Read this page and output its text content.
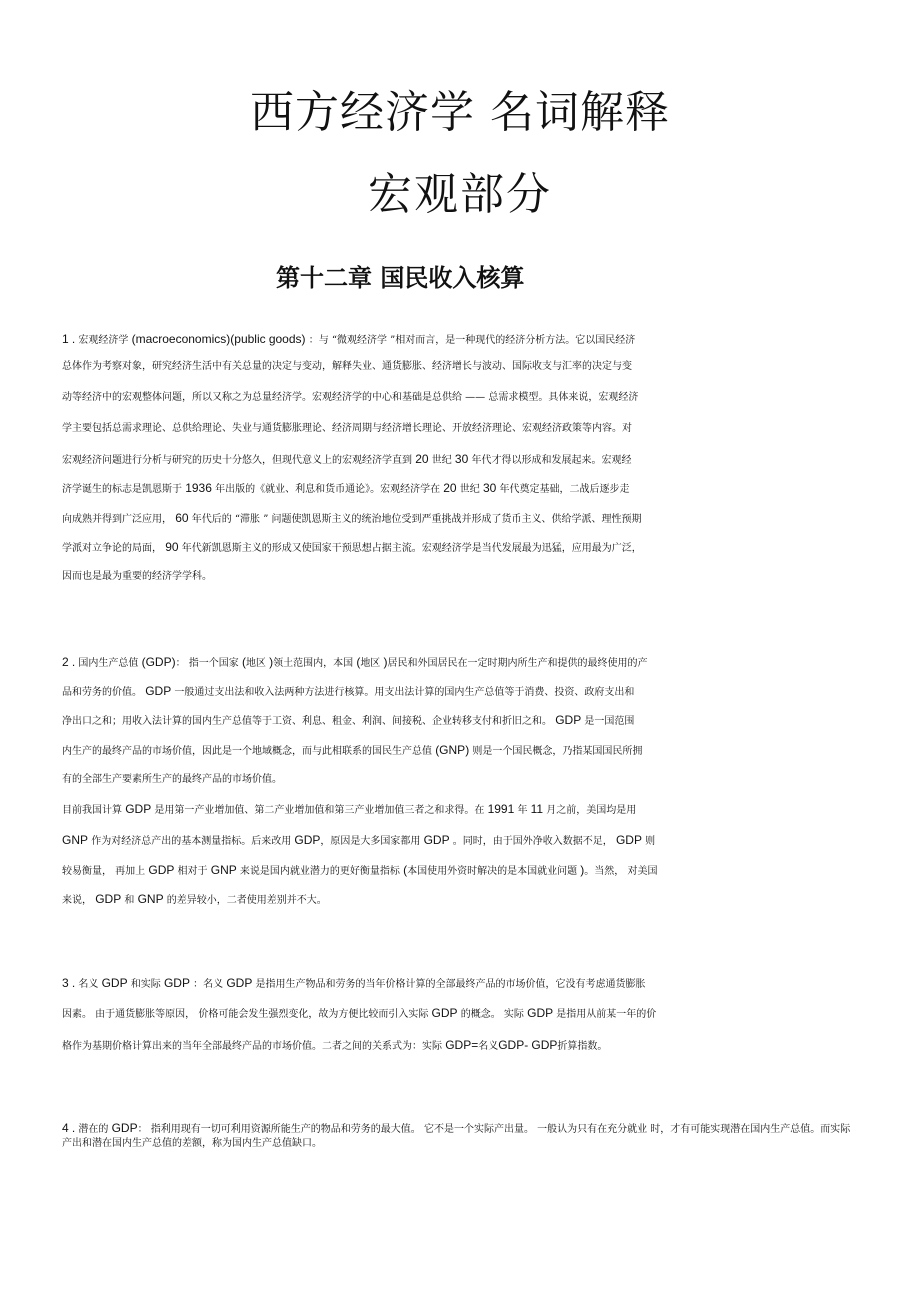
西方经济学 名词解释
宏观部分
第十二章 国民收入核算
1 . 宏观经济学 (macroeconomics)(public goods) ：与 “微观经济学 ”相对而言，是一种现代的经济分析方法。它以国民经济
总体作为考察对象，研究经济生活中有关总量的决定与变动，解释失业、通货膨胀、经济增长与波动、国际收支与汇率的决定与变
动等经济中的宏观整体问题，所以又称之为总量经济学。宏观经济学的中心和基础是总供给 —— 总需求模型。具体来说，宏观经济
学主要包括总需求理论、总供给理论、失业与通货膨胀理论、经济周期与经济增长理论、开放经济理论、宏观经济政策等内容。对
宏观经济问题进行分析与研究的历史十分悠久，但现代意义上的宏观经济学直到 20 世纪 30 年代才得以形成和发展起来。宏观经
济学诞生的标志是凯恩斯于 1936 年出版的《就业、利息和货币通论》。宏观经济学在 20 世纪 30 年代奠定基础，二战后逐步走
向成熟并得到广泛应用， 60 年代后的 “滞胀 ” 问题使凯恩斯主义的统治地位受到严重挑战并形成了货币主义、供给学派、理性预期
学派对立争论的局面， 90 年代新凯恩斯主义的形成又使国家干预思想占据主流。宏观经济学是当代发展最为迅猛，应用最为广泛，
因而也是最为重要的经济学学科。
2 . 国内生产总值 (GDP)： 指一个国家 (地区 )领土范围内，本国 (地区 )居民和外国居民在一定时期内所生产和提供的最终使用的产
品和劳务的价值。 GDP 一般通过支出法和收入法两种方法进行核算。用支出法计算的国内生产总值等于消费、投资、政府支出和
净出口之和；用收入法计算的国内生产总值等于工资、利息、租金、利润、间接税、企业转移支付和折旧之和。 GDP 是一国范围
内生产的最终产品的市场价值，因此是一个地域概念，而与此相联系的国民生产总值 (GNP) 则是一个国民概念，乃指某国国民所拥
有的全部生产要素所生产的最终产品的市场价值。
目前我国计算 GDP 是用第一产业增加值、第二产业增加值和第三产业增加值三者之和求得。在 1991 年 11 月之前，美国均是用
GNP 作为对经济总产出的基本测量指标。后来改用 GDP，原因是大多国家都用 GDP 。同时，由于国外净收入数据不足， GDP 则
较易衡量， 再加上 GDP 相对于 GNP 来说是国内就业潜力的更好衡量指标 (本国使用外资时解决的是本国就业问题 )。当然， 对美国
来说， GDP 和 GNP 的差异较小，二者使用差别并不大。
3 . 名义 GDP 和实际 GDP ：名义 GDP 是指用生产物品和劳务的当年价格计算的全部最终产品的市场价值，它没有考虑通货膨胀
因素。 由于通货膨胀等原因， 价格可能会发生强烈变化，故为方便比较而引入实际 GDP 的概念。 实际 GDP 是指用从前某一年的价
格作为基期价格计算出来的当年全部最终产品的市场价值。二者之间的关系式为：实际 GDP=名义GDP- GDP折算指数。
4 . 潜在的 GDP： 指利用现有一切可利用资源所能生产的物品和劳务的最大值。 它不是一个实际产出量。 一般认为只有在充分就业 时，才有可能实现潜在国内生产总值。而实际产出和潜在国内生产总值的差额，称为国内生产总值缺口。
